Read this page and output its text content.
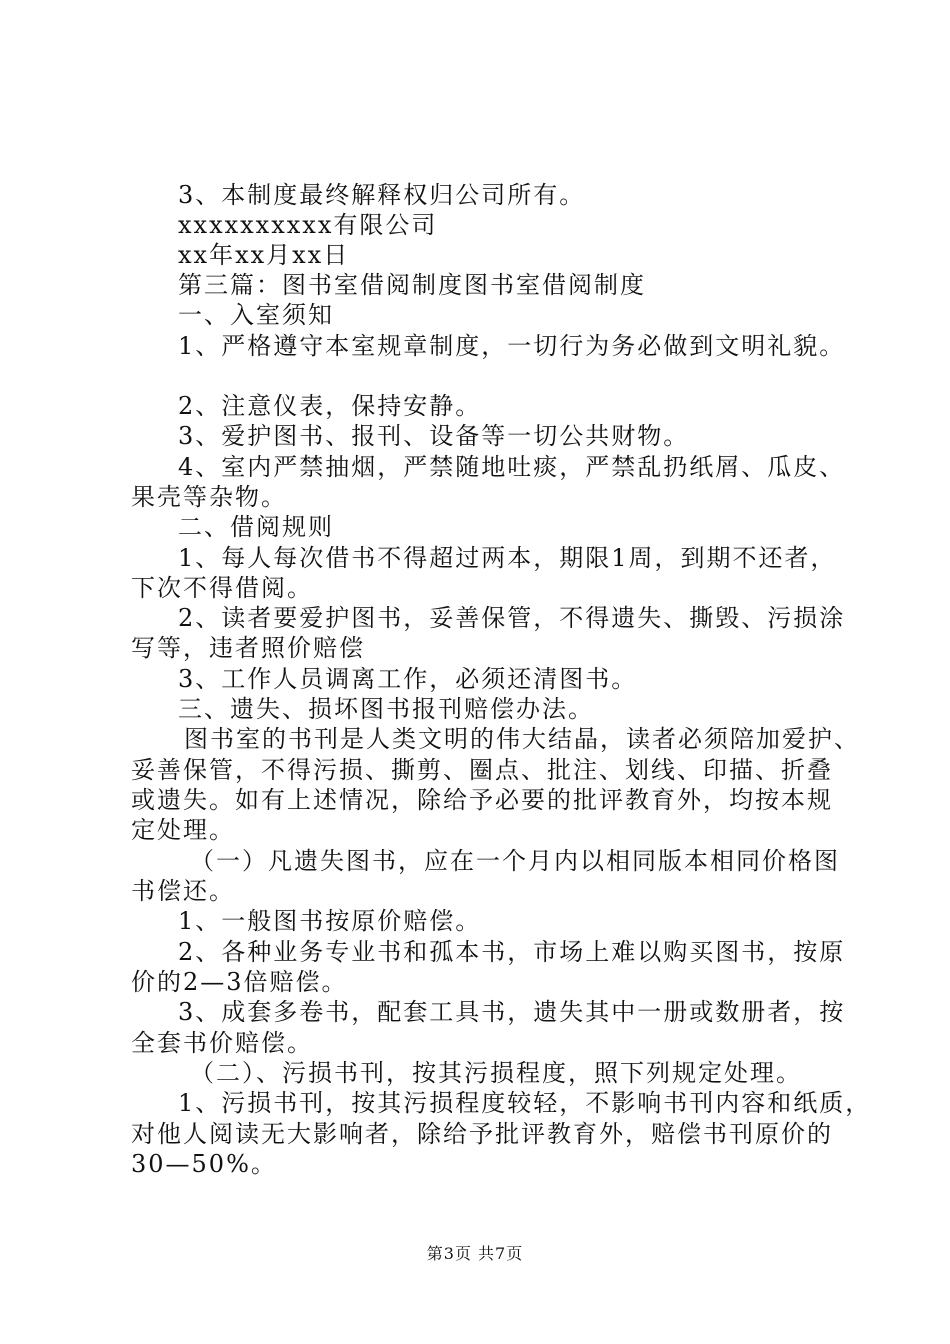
3、本制度最终解释权归公司所有。
xxxxxxxxxx有限公司
xx年xx月xx日
第三篇：图书室借阅制度图书室借阅制度
一、入室须知
1、严格遵守本室规章制度，一切行为务必做到文明礼貌。
2、注意仪表，保持安静。
3、爱护图书、报刊、设备等一切公共财物。
4、室内严禁抽烟，严禁随地吐痰，严禁乱扔纸屑、瓜皮、
果壳等杂物。
二、借阅规则
1、每人每次借书不得超过两本，期限1周，到期不还者，
下次不得借阅。
2、读者要爱护图书，妥善保管，不得遗失、撕毁、污损涂
写等，违者照价赔偿
3、工作人员调离工作，必须还清图书。
三、遗失、损坏图书报刊赔偿办法。
图书室的书刊是人类文明的伟大结晶，读者必须陪加爱护、
妥善保管，不得污损、撕剪、圈点、批注、划线、印描、折叠
或遗失。如有上述情况，除给予必要的批评教育外，均按本规
定处理。
（一）凡遗失图书，应在一个月内以相同版本相同价格图
书偿还。
1、一般图书按原价赔偿。
2、各种业务专业书和孤本书，市场上难以购买图书，按原
价的2—3倍赔偿。
3、成套多卷书，配套工具书，遗失其中一册或数册者，按
全套书价赔偿。
（二）、污损书刊，按其污损程度，照下列规定处理。
1、污损书刊，按其污损程度较轻，不影响书刊内容和纸质，
对他人阅读无大影响者，除给予批评教育外，赔偿书刊原价的
30—50%。
第3页 共7页
